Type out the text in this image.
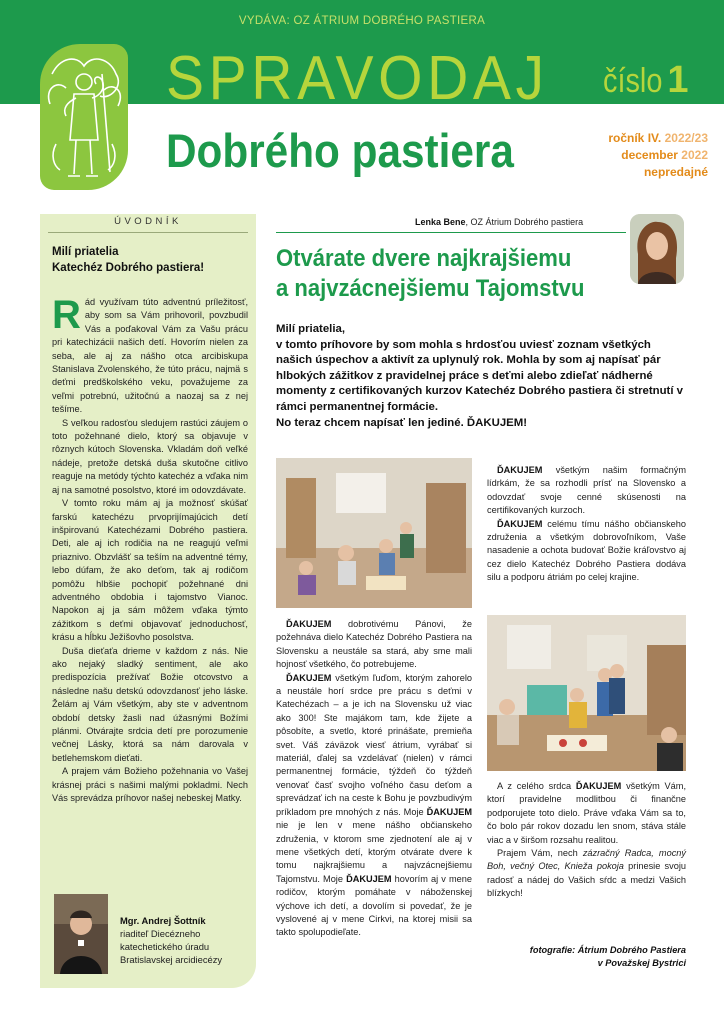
VYDÁVA: OZ ÁTRIUM DOBRÉHO PASTIERA
SPRAVODAJ číslo 1
Dobrého pastiera	ročník IV. 2022/23
december 2022
nepredajné
ÚVODNÍK
Milí priatelia
Katechéz Dobrého pastiera!

Rád využívam túto adventnú príležitosť, aby som sa Vám prihovoril, povzbudil Vás a poďakoval Vám za Vašu prácu pri katechizácii našich detí. Hovorím nielen za seba, ale aj za nášho otca arcibiskupa Stanislava Zvolenského, že túto prácu, najmä s deťmi predškolského veku, považujeme za veľmi potrebnú, užitočnú a naozaj sa z nej tešíme.

S veľkou radosťou sledujem rastúci záujem o toto požehnané dielo, ktorý sa objavuje v rôznych kútoch Slovenska. Vkladám doň veľké nádeje, pretože detská duša skutočne citlivo reaguje na metódy týchto katechéz a vďaka nim aj na samotné posolstvo, ktoré im odovzdávate.

V tomto roku mám aj ja možnosť skúšať farskú katechézu prvoprijímajúcich detí inšpirovanú Katechézami Dobrého pastiera. Deti, ale aj ich rodičia na ne reagujú veľmi priaznivo. Obzvlášť sa teším na adventné témy, lebo dúfam, že ako deťom, tak aj rodičom pomôžu hlbšie pochopiť požehnané dni adventného obdobia i tajomstvo Vianoc. Napokon aj ja sám môžem vďaka týmto zážitkom s deťmi objavovať jednoduchosť, krásu a hĺbku Ježišovho posolstva.

Duša dieťaťa drieme v každom z nás. Nie ako nejaký sladký sentiment, ale ako predispozícia prežívať Božie otcovstvo a následne našu detskú odovzdanosť jeho láske. Želám aj Vám všetkým, aby ste v adventnom období detsky žasli nad úžasnými Božími plánmi. Otvárajte srdcia detí pre porozumenie večnej Lásky, ktorá sa nám darovala v betlehemskom dieťati.

A prajem vám Božieho požehnania vo Vašej krásnej práci s našimi malými pokladmi. Nech Vás sprevádza príhovor našej nebeskej Matky.

Mgr. Andrej Šottník
riaditeľ Diecézneho
katechetického úradu
Bratislavskej arcidiecézy
Lenka Bene, OZ Átrium Dobrého pastiera
Otvárate dvere najkrajšiemu
a najvzácnejšiemu Tajomstvu
Milí priatelia,
v tomto príhovore by som mohla s hrdosťou uviesť zoznam všetkých našich úspechov a aktivít za uplynulý rok. Mohla by som aj napísať pár hlbokých zážitkov z pravidelnej práce s deťmi alebo zdieľať nádherné momenty z certifikovaných kurzov Katechéz Dobrého pastiera či stretnutí v rámci permanentnej formácie.
No teraz chcem napísať len jediné. ĎAKUJEM!

ĎAKUJEM všetkým našim formačným lídrkám, že sa rozhodli prísť na Slovensko a odovzdať svoje cenné skúsenosti na certifikovaných kurzoch.

ĎAKUJEM celému tímu nášho občianskeho združenia a všetkým dobrovoľníkom, Vaše nasadenie a ochota budovať Božie kráľovstvo aj cez dielo Katechéz Dobrého Pastiera dodáva silu a podporu átriám po celej krajine.

ĎAKUJEM dobrotivému Pánovi, že požehnáva dielo Katechéz Dobrého Pastiera na Slovensku a neustále sa stará, aby sme mali hojnosť všetkého, čo potrebujeme.

ĎAKUJEM všetkým ľuďom, ktorým zahorelo a neustále horí srdce pre prácu s deťmi v Katechézach – a je ich na Slovensku už viac ako 300! Ste majákom tam, kde žijete a pôsobíte, a svetlo, ktoré prinášate, premieňa svet. Váš záväzok viesť átrium, vyrábať si materiál, ďalej sa vzdelávať (nielen) v rámci permanentnej formácie, týždeň čo týždeň venovať časť svojho voľného času deťom a sprevádzať ich na ceste k Bohu je povzbudivým príkladom pre mnohých z nás. Moje ĎAKUJEM nie je len v mene nášho občianskeho združenia, v ktorom sme zjednotení ale aj v mene všetkých detí, ktorým otvárate dvere k tomu najkrajšiemu a najvzácnejšiemu Tajomstvu. Moje ĎAKUJEM hovorím aj v mene rodičov, ktorým pomáhate v náboženskej výchove ich detí, a dovolím si povedať, že je vyslovené aj v mene Cirkvi, na ktorej misii sa takto spolupodieľate.

A z celého srdca ĎAKUJEM všetkým Vám, ktorí pravidelne modlitbou či finančne podporujete toto dielo. Práve vďaka Vám sa to, čo bolo pár rokov dozadu len snom, stáva stále viac a v širšom rozsahu realitou.

Prajem Vám, nech zázračný Radca, mocný Boh, večný Otec, Knieža pokoja prinesie svoju radosť a nádej do Vašich sŕdc a medzi Vašich blízkych!

fotografie: Átrium Dobrého Pastiera
v Považskej Bystrici
